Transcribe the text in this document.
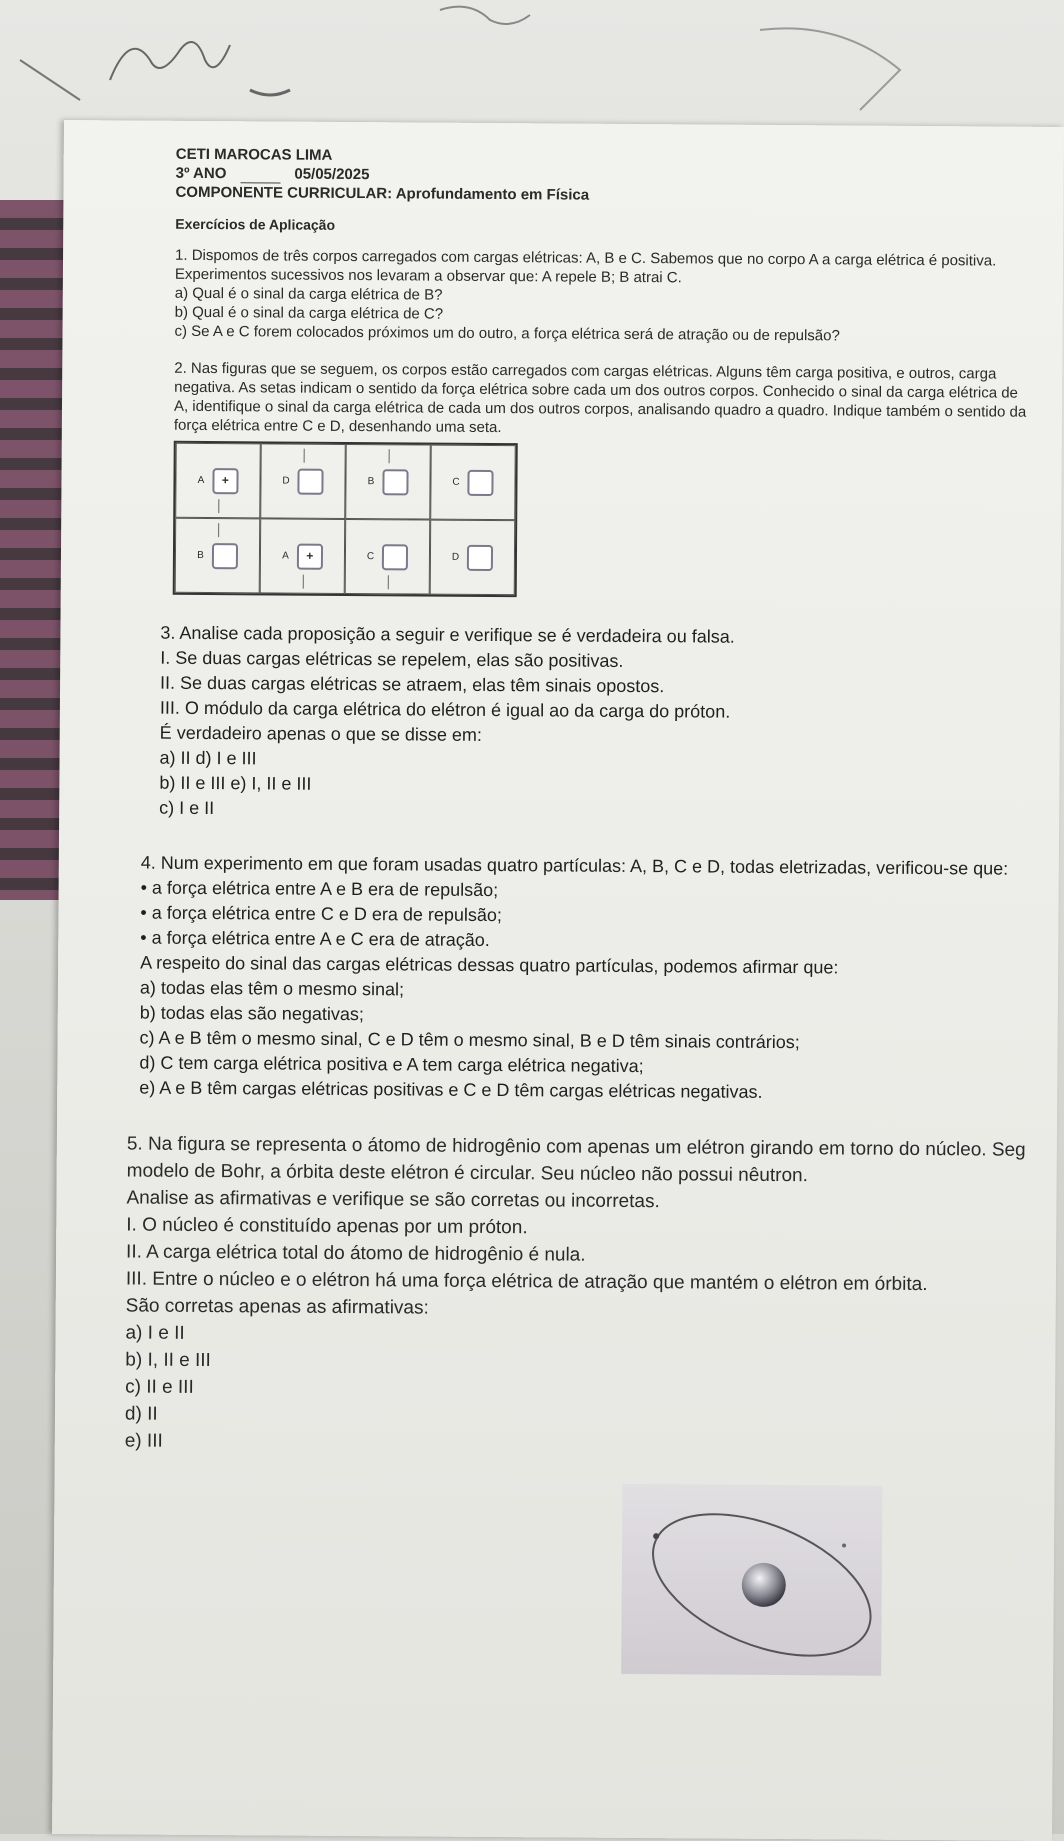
CETI MAROCAS LIMA
3º ANO	05/05/2025
COMPONENTE CURRICULAR: Aprofundamento em Física
Exercícios de Aplicação

1. Dispomos de três corpos carregados com cargas elétricas: A, B e C. Sabemos que no corpo A a carga elétrica é positiva. Experimentos sucessivos nos levaram a observar que: A repele B; B atrai C.

a) Qual é o sinal da carga elétrica de B?

b) Qual é o sinal da carga elétrica de C?

c) Se A e C forem colocados próximos um do outro, a força elétrica será de atração ou de repulsão?

2. Nas figuras que se seguem, os corpos estão carregados com cargas elétricas. Alguns têm carga positiva, e outros, carga negativa. As setas indicam o sentido da força elétrica sobre cada um dos outros corpos. Conhecido o sinal da carga elétrica de A, identifique o sinal da carga elétrica de cada um dos outros corpos, analisando quadro a quadro. Indique também o sentido da força elétrica entre C e D, desenhando uma seta.

A	+	D	B	C
B	A	+	C	D

3. Analise cada proposição a seguir e verifique se é verdadeira ou falsa.

I. Se duas cargas elétricas se repelem, elas são positivas.

II. Se duas cargas elétricas se atraem, elas têm sinais opostos.

III. O módulo da carga elétrica do elétron é igual ao da carga do próton.

É verdadeiro apenas o que se disse em:

a) II d) I e III

b) II e III e) I, II e III

c) I e II

4. Num experimento em que foram usadas quatro partículas: A, B, C e D, todas eletrizadas, verificou-se que:

• a força elétrica entre A e B era de repulsão;

• a força elétrica entre C e D era de repulsão;

• a força elétrica entre A e C era de atração.

A respeito do sinal das cargas elétricas dessas quatro partículas, podemos afirmar que:

a) todas elas têm o mesmo sinal;

b) todas elas são negativas;

c) A e B têm o mesmo sinal, C e D têm o mesmo sinal, B e D têm sinais contrários;

d) C tem carga elétrica positiva e A tem carga elétrica negativa;

e) A e B têm cargas elétricas positivas e C e D têm cargas elétricas negativas.

5. Na figura se representa o átomo de hidrogênio com apenas um elétron girando em torno do núcleo. Seg

modelo de Bohr, a órbita deste elétron é circular. Seu núcleo não possui nêutron.

Analise as afirmativas e verifique se são corretas ou incorretas.

I. O núcleo é constituído apenas por um próton.

II. A carga elétrica total do átomo de hidrogênio é nula.

III. Entre o núcleo e o elétron há uma força elétrica de atração que mantém o elétron em órbita.

São corretas apenas as afirmativas:

a) I e II

b) I, II e III

c) II e III

d) II

e) III
